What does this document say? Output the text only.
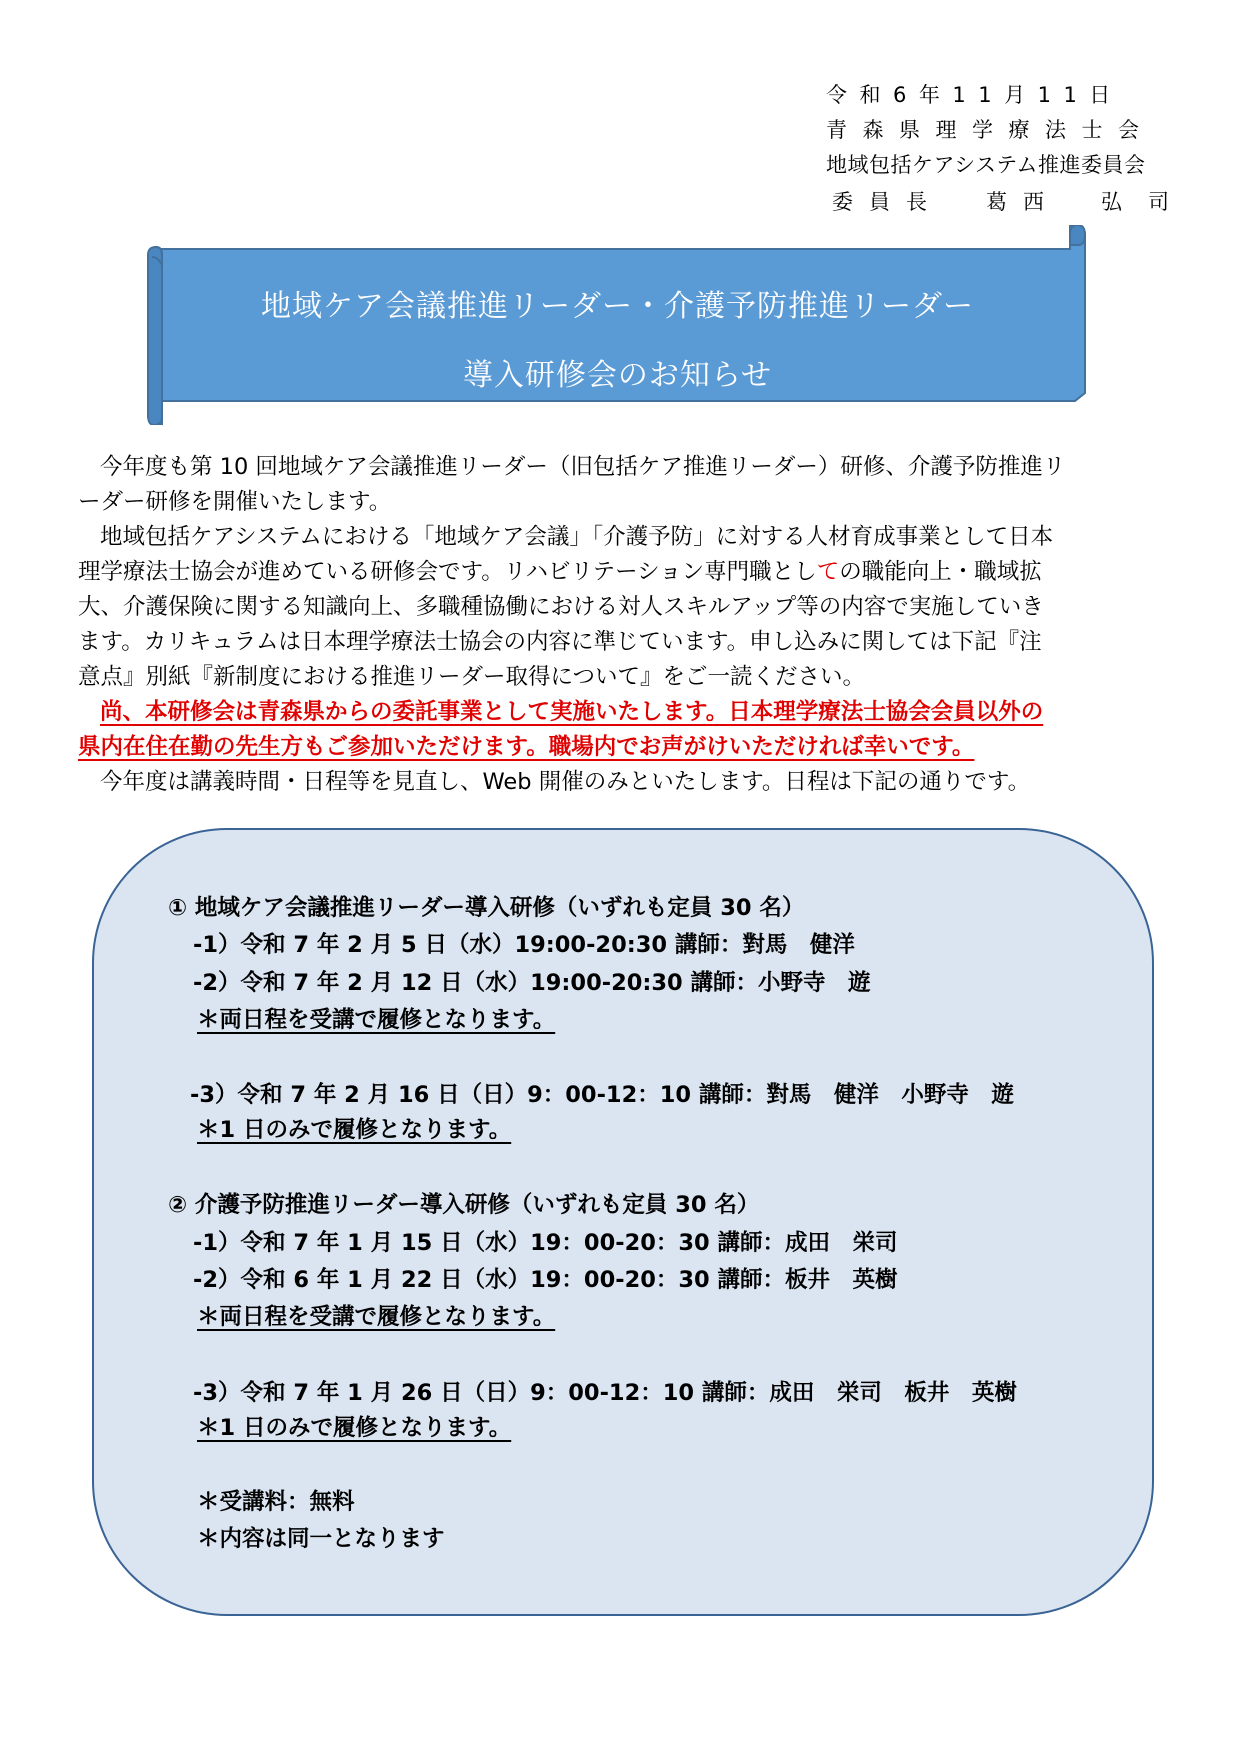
令和6年11月11日
青森県理学療法士会
地域包括ケアシステム推進委員会
委員長 葛西 弘司
地域ケア会議推進リーダー・介護予防推進リーダー
導入研修会のお知らせ

今年度も第 10 回地域ケア会議推進リーダー（旧包括ケア推進リーダー）研修、介護予防推進リ

ーダー研修を開催いたします。

地域包括ケアシステムにおける「地域ケア会議」「介護予防」に対する人材育成事業として日本

理学療法士協会が進めている研修会です。リハビリテーション専門職としての職能向上・職域拡

大、介護保険に関する知識向上、多職種協働における対人スキルアップ等の内容で実施していき

ます。カリキュラムは日本理学療法士協会の内容に準じています。申し込みに関しては下記『注

意点』別紙『新制度における推進リーダー取得について』をご一読ください。

尚、本研修会は青森県からの委託事業として実施いたします。日本理学療法士協会会員以外の

県内在住在勤の先生方もご参加いただけます。職場内でお声がけいただければ幸いです。

今年度は講義時間・日程等を見直し、Web 開催のみといたします。日程は下記の通りです。

① 地域ケア会議推進リーダー導入研修（いずれも定員 30 名）
-1）令和 7 年 2 月 5 日（水）19:00-20:30 講師：對馬　健洋
-2）令和 7 年 2 月 12 日（水）19:00-20:30 講師：小野寺　遊
＊両日程を受講で履修となります。
-3）令和 7 年 2 月 16 日（日）9：00-12：10 講師：對馬　健洋　小野寺　遊
＊1 日のみで履修となります。
② 介護予防推進リーダー導入研修（いずれも定員 30 名）
-1）令和 7 年 1 月 15 日（水）19：00-20：30 講師：成田　栄司
-2）令和 6 年 1 月 22 日（水）19：00-20：30 講師：板井　英樹
＊両日程を受講で履修となります。
-3）令和 7 年 1 月 26 日（日）9：00-12：10 講師：成田　栄司　板井　英樹
＊1 日のみで履修となります。
＊受講料：無料
＊内容は同一となります
